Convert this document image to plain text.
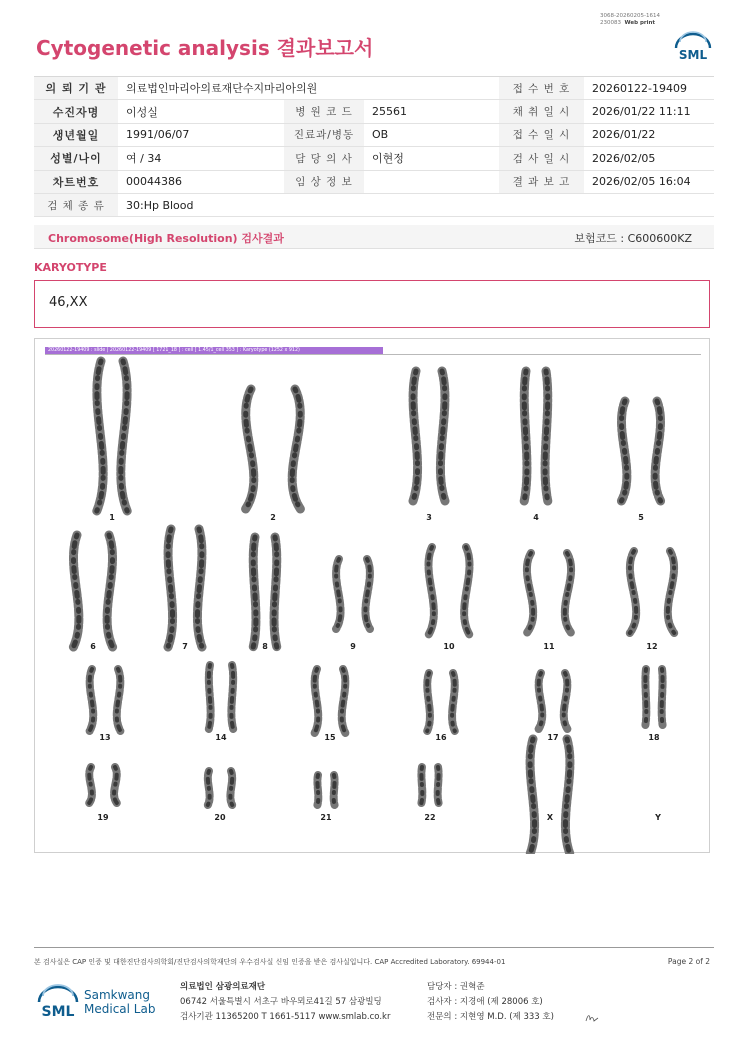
3068-20260205-1614
230083 Web print
Cytogenetic analysis 결과보고서	SML
의 뢰 기 관	의료법인마리아의료재단수지마리아의원			접 수 번 호	20260122-19409
수진자명	이성실	병 원 코 드	25561	채 취 일 시	2026/01/22 11:11
생년월일	1991/06/07	진료과/병동	OB	접 수 일 시	2026/01/22
성별/나이	여 / 34	담 당 의 사	이현정	검 사 일 시	2026/02/05
차트번호	00044386	임 상 정 보		결 과 보 고	2026/02/05 16:04
검 체 종 류	30:Hp Blood				
Chromosome(High Resolution) 검사결과	보험코드 : C600600KZ
KARYOTYPE
46,XX
20260122-19409 : slide | 20260122-19409 [ 1721_18 ] : cell [ 1.45/1_cell 353 ] : Karyotype (1252 x 912)
1	2	3	4	5
6	7	8	9	10	11	12
13	14	15	16	17	18
19	20	21	22	X	Y
본 검사실은 CAP 인증 및 대한진단검사의학회/진단검사의학재단의 우수검사실 신임 인증을 받은 검사실입니다. CAP Accredited Laboratory. 69944-01	Page 2 of 2
SML
Samkwang
Medical Lab
의료법인 삼광의료재단
06742 서울특별시 서초구 바우뫼로41길 57 삼광빌딩
검사기관 11365200 T 1661-5117 www.smlab.co.kr
담당자 : 권혁준
검사자 : 지경애 (제 28006 호)
전문의 : 지현영 M.D. (제 333 호)
